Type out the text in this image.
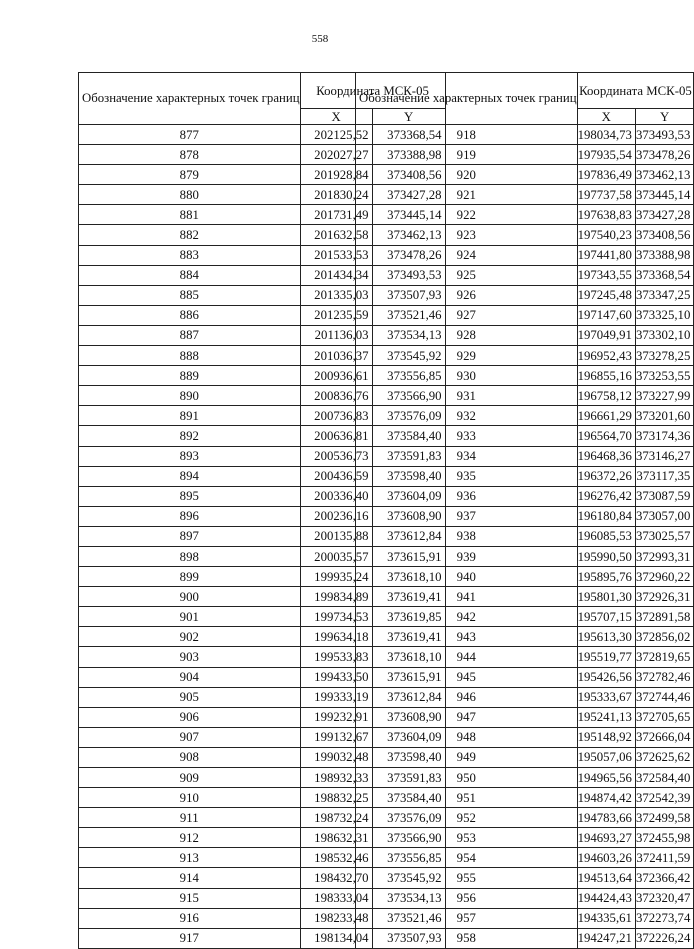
558
Обозначение характерных точек границ	Координата МСК-05	
	X	Y
877	202125,52	373368,54
878	202027,27	373388,98
879	201928,84	373408,56
880	201830,24	373427,28
881	201731,49	373445,14
882	201632,58	373462,13
883	201533,53	373478,26
884	201434,34	373493,53
885	201335,03	373507,93
886	201235,59	373521,46
887	201136,03	373534,13
888	201036,37	373545,92
889	200936,61	373556,85
890	200836,76	373566,90
891	200736,83	373576,09
892	200636,81	373584,40
893	200536,73	373591,83
894	200436,59	373598,40
895	200336,40	373604,09
896	200236,16	373608,90
897	200135,88	373612,84
898	200035,57	373615,91
899	199935,24	373618,10
900	199834,89	373619,41
901	199734,53	373619,85
902	199634,18	373619,41
903	199533,83	373618,10
904	199433,50	373615,91
905	199333,19	373612,84
906	199232,91	373608,90
907	199132,67	373604,09
908	199032,48	373598,40
909	198932,33	373591,83
910	198832,25	373584,40
911	198732,24	373576,09
912	198632,31	373566,90
913	198532,46	373556,85
914	198432,70	373545,92
915	198333,04	373534,13
916	198233,48	373521,46
917	198134,04	373507,93
Обозначение характерных точек границ	Координата МСК-05	
	X	Y
918	198034,73	373493,53
919	197935,54	373478,26
920	197836,49	373462,13
921	197737,58	373445,14
922	197638,83	373427,28
923	197540,23	373408,56
924	197441,80	373388,98
925	197343,55	373368,54
926	197245,48	373347,25
927	197147,60	373325,10
928	197049,91	373302,10
929	196952,43	373278,25
930	196855,16	373253,55
931	196758,12	373227,99
932	196661,29	373201,60
933	196564,70	373174,36
934	196468,36	373146,27
935	196372,26	373117,35
936	196276,42	373087,59
937	196180,84	373057,00
938	196085,53	373025,57
939	195990,50	372993,31
940	195895,76	372960,22
941	195801,30	372926,31
942	195707,15	372891,58
943	195613,30	372856,02
944	195519,77	372819,65
945	195426,56	372782,46
946	195333,67	372744,46
947	195241,13	372705,65
948	195148,92	372666,04
949	195057,06	372625,62
950	194965,56	372584,40
951	194874,42	372542,39
952	194783,66	372499,58
953	194693,27	372455,98
954	194603,26	372411,59
955	194513,64	372366,42
956	194424,43	372320,47
957	194335,61	372273,74
958	194247,21	372226,24
